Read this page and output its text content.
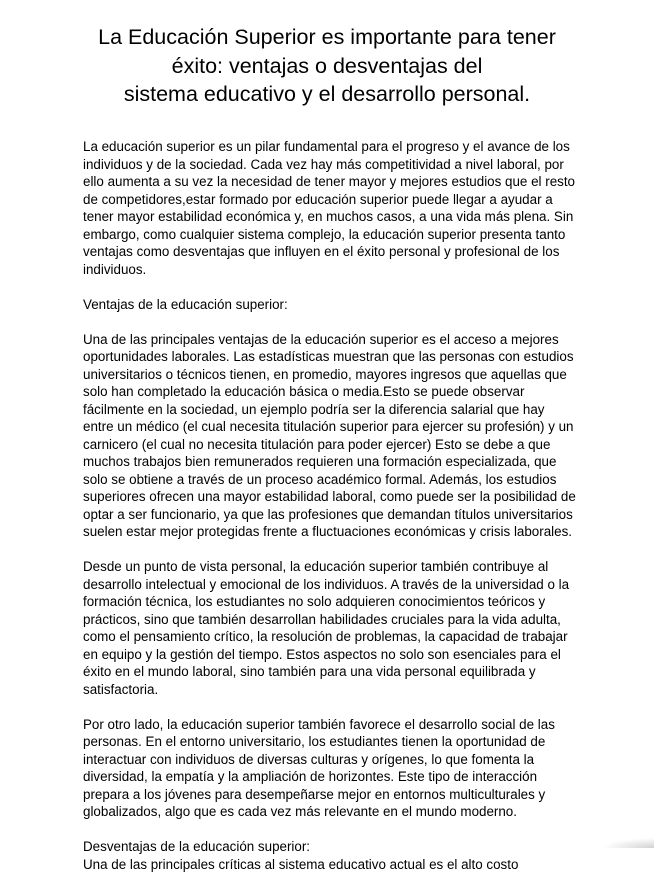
La Educación Superior es importante para tener
éxito: ventajas o desventajas del
sistema educativo y el desarrollo personal.
La educación superior es un pilar fundamental para el progreso y el avance de los
individuos y de la sociedad. Cada vez hay más competitividad a nivel laboral, por
ello aumenta a su vez la necesidad de tener mayor y mejores estudios que el resto
de competidores,estar formado por educación superior puede llegar a ayudar a
tener mayor estabilidad económica y, en muchos casos, a una vida más plena. Sin
embargo, como cualquier sistema complejo, la educación superior presenta tanto
ventajas como desventajas que influyen en el éxito personal y profesional de los
individuos.
Ventajas de la educación superior:
Una de las principales ventajas de la educación superior es el acceso a mejores
oportunidades laborales. Las estadísticas muestran que las personas con estudios
universitarios o técnicos tienen, en promedio, mayores ingresos que aquellas que
solo han completado la educación básica o media.Esto se puede observar
fácilmente en la sociedad, un ejemplo podría ser la diferencia salarial que hay
entre un médico (el cual necesita titulación superior para ejercer su profesión) y un
carnicero (el cual no necesita titulación para poder ejercer) Esto se debe a que
muchos trabajos bien remunerados requieren una formación especializada, que
solo se obtiene a través de un proceso académico formal. Además, los estudios
superiores ofrecen una mayor estabilidad laboral, como puede ser la posibilidad de
optar a ser funcionario, ya que las profesiones que demandan títulos universitarios
suelen estar mejor protegidas frente a fluctuaciones económicas y crisis laborales.
Desde un punto de vista personal, la educación superior también contribuye al
desarrollo intelectual y emocional de los individuos. A través de la universidad o la
formación técnica, los estudiantes no solo adquieren conocimientos teóricos y
prácticos, sino que también desarrollan habilidades cruciales para la vida adulta,
como el pensamiento crítico, la resolución de problemas, la capacidad de trabajar
en equipo y la gestión del tiempo. Estos aspectos no solo son esenciales para el
éxito en el mundo laboral, sino también para una vida personal equilibrada y
satisfactoria.
Por otro lado, la educación superior también favorece el desarrollo social de las
personas. En el entorno universitario, los estudiantes tienen la oportunidad de
interactuar con individuos de diversas culturas y orígenes, lo que fomenta la
diversidad, la empatía y la ampliación de horizontes. Este tipo de interacción
prepara a los jóvenes para desempeñarse mejor en entornos multiculturales y
globalizados, algo que es cada vez más relevante en el mundo moderno.
Desventajas de la educación superior:
Una de las principales críticas al sistema educativo actual es el alto costo
